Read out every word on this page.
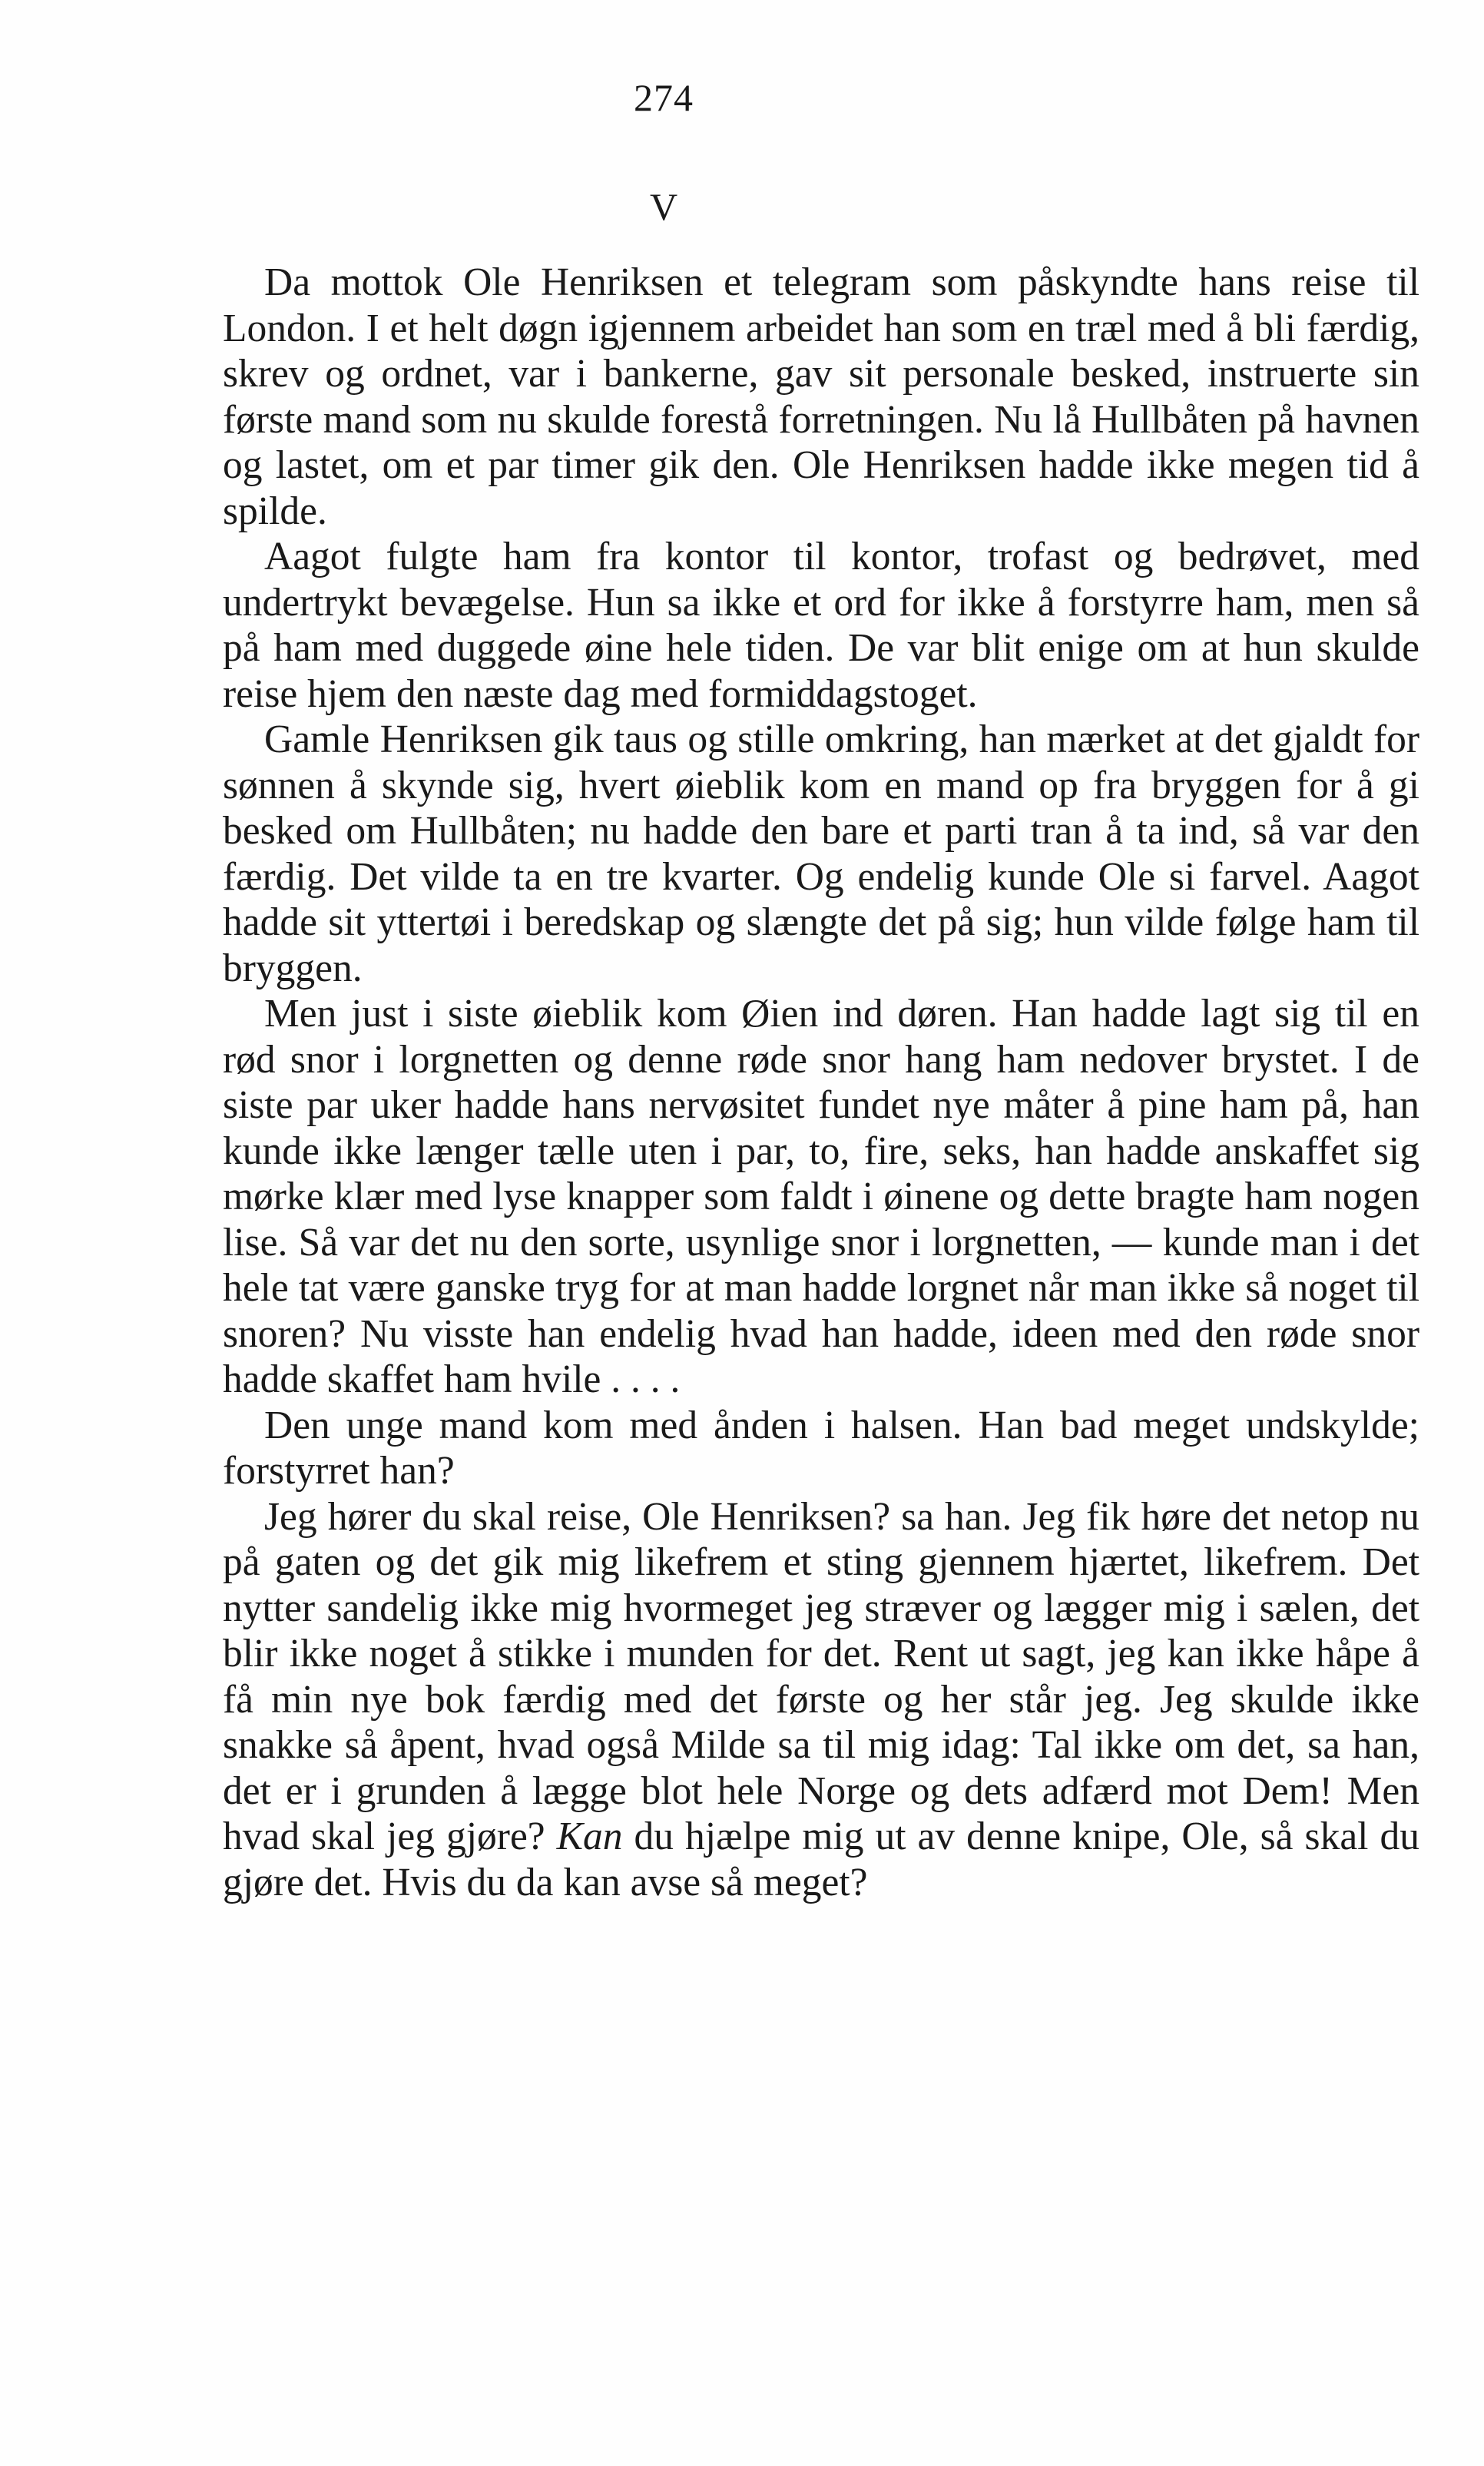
274
V

Da mottok Ole Henriksen et telegram som påskyndte hans reise til London. I et helt døgn igjennem arbeidet han som en træl med å bli færdig, skrev og ordnet, var i bankerne, gav sit personale besked, instruerte sin første mand som nu skulde forestå forretningen. Nu lå Hullbåten på havnen og lastet, om et par timer gik den. Ole Henriksen hadde ikke megen tid å spilde.

Aagot fulgte ham fra kontor til kontor, trofast og bedrøvet, med undertrykt bevægelse. Hun sa ikke et ord for ikke å forstyrre ham, men så på ham med duggede øine hele tiden. De var blit enige om at hun skulde reise hjem den næste dag med formiddagstoget.

Gamle Henriksen gik taus og stille omkring, han mærket at det gjaldt for sønnen å skynde sig, hvert øieblik kom en mand op fra bryggen for å gi besked om Hullbåten; nu hadde den bare et parti tran å ta ind, så var den færdig. Det vilde ta en tre kvarter. Og endelig kunde Ole si farvel. Aagot hadde sit yttertøi i beredskap og slængte det på sig; hun vilde følge ham til bryggen.

Men just i siste øieblik kom Øien ind døren. Han hadde lagt sig til en rød snor i lorgnetten og denne røde snor hang ham nedover brystet. I de siste par uker hadde hans nervøsitet fundet nye måter å pine ham på, han kunde ikke længer tælle uten i par, to, fire, seks, han hadde anskaffet sig mørke klær med lyse knapper som faldt i øinene og dette bragte ham nogen lise. Så var det nu den sorte, usynlige snor i lorgnetten, — kunde man i det hele tat være ganske tryg for at man hadde lorgnet når man ikke så noget til snoren? Nu visste han endelig hvad han hadde, ideen med den røde snor hadde skaffet ham hvile . . . .

Den unge mand kom med ånden i halsen. Han bad meget undskylde; forstyrret han?

Jeg hører du skal reise, Ole Henriksen? sa han. Jeg fik høre det netop nu på gaten og det gik mig likefrem et sting gjennem hjærtet, likefrem. Det nytter sandelig ikke mig hvormeget jeg stræver og lægger mig i sælen, det blir ikke noget å stikke i munden for det. Rent ut sagt, jeg kan ikke håpe å få min nye bok færdig med det første og her står jeg. Jeg skulde ikke snakke så åpent, hvad også Milde sa til mig idag: Tal ikke om det, sa han, det er i grunden å lægge blot hele Norge og dets adfærd mot Dem! Men hvad skal jeg gjøre? Kan du hjælpe mig ut av denne knipe, Ole, så skal du gjøre det. Hvis du da kan avse så meget?
